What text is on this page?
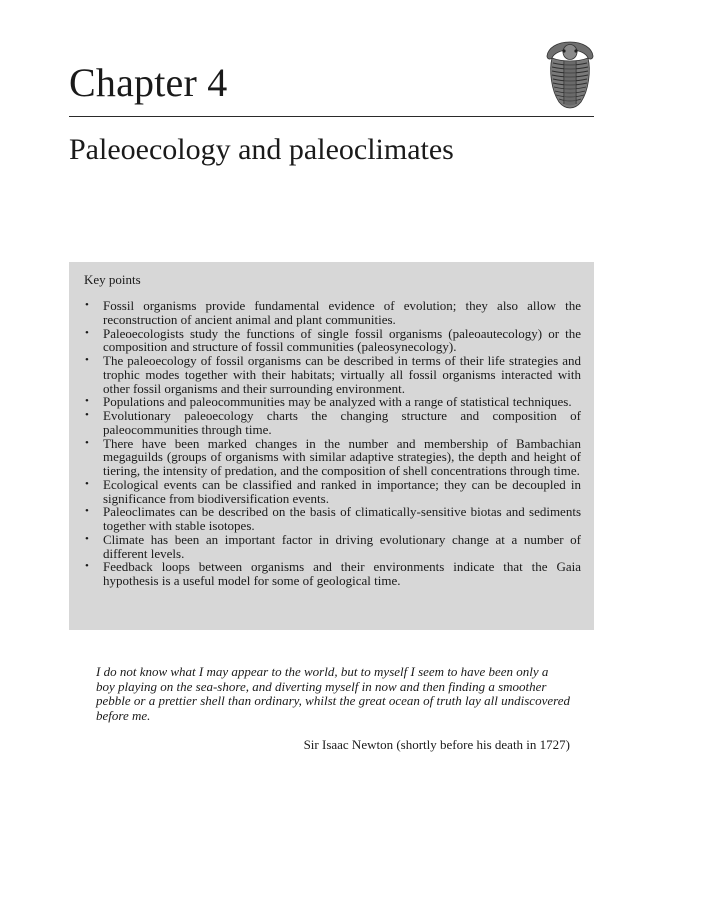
Chapter 4
Paleoecology and paleoclimates
Key points
• Fossil organisms provide fundamental evidence of evolution; they also allow the reconstruction of ancient animal and plant communities.
• Paleoecologists study the functions of single fossil organisms (paleoautecology) or the composition and structure of fossil communities (paleosynecology).
• The paleoecology of fossil organisms can be described in terms of their life strategies and trophic modes together with their habitats; virtually all fossil organisms interacted with other fossil organisms and their surrounding environment.
• Populations and paleocommunities may be analyzed with a range of statistical techniques.
• Evolutionary paleoecology charts the changing structure and composition of paleocommunities through time.
• There have been marked changes in the number and membership of Bambachian megaguilds (groups of organisms with similar adaptive strategies), the depth and height of tiering, the intensity of predation, and the composition of shell concentrations through time.
• Ecological events can be classified and ranked in importance; they can be decoupled in significance from biodiversification events.
• Paleoclimates can be described on the basis of climatically-sensitive biotas and sediments together with stable isotopes.
• Climate has been an important factor in driving evolutionary change at a number of different levels.
• Feedback loops between organisms and their environments indicate that the Gaia hypothesis is a useful model for some of geological time.

I do not know what I may appear to the world, but to myself I seem to have been only a boy playing on the sea-shore, and diverting myself in now and then finding a smoother pebble or a prettier shell than ordinary, whilst the great ocean of truth lay all undiscovered before me.

Sir Isaac Newton (shortly before his death in 1727)
